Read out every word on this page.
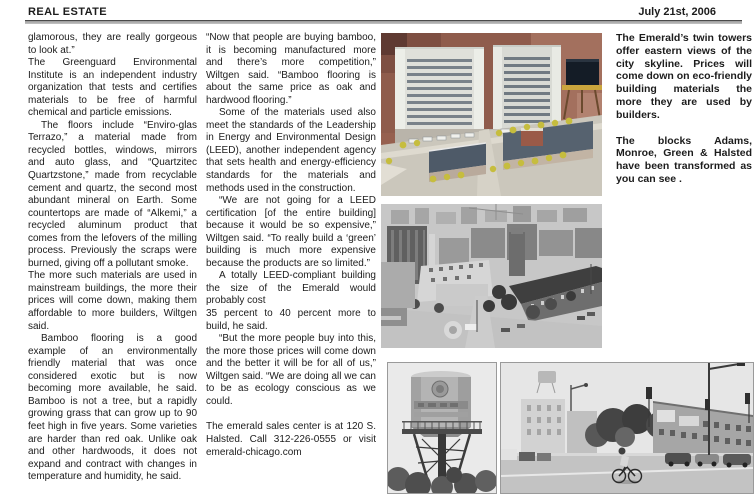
REAL ESTATE	July 21st, 2006

glamorous, they are really gorgeous to look at.”

The Greenguard Environmental Institute is an independent industry organization that tests and certifies materials to be free of harmful chemical and particle emissions.

The floors include “Enviro-glas Terrazo,” a material made from recycled bottles, windows, mirrors and auto glass, and “Quartzitec Quartzstone,” made from recyclable cement and quartz, the second most abundant mineral on Earth. Some countertops are made of “Alkemi,” a recycled aluminum product that comes from the lefovers of the milling process. Previously the scraps were burned, giving off a pollutant smoke.

The more such materials are used in mainstream buildings, the more their prices will come down, making them affordable to more builders, Wiltgen said.

Bamboo flooring is a good example of an environmentally friendly material that was once considered exotic but is now becoming more available, he said. Bamboo is not a tree, but a rapidly growing grass that can grow up to 90 feet high in five years. Some varieties are harder than red oak. Unlike oak and other hardwoods, it does not expand and contract with changes in temperature and humidity, he said.

“Now that people are buying bamboo, it is becoming manufactured more and there’s more competition,” Wiltgen said. “Bamboo flooring is about the same price as oak and hardwood flooring.”

Some of the materials used also meet the standards of the Leadership in Energy and Environmental Design (LEED), another independent agency that sets health and energy-efficiency standards for the materials and methods used in the construction.

“We are not going for a LEED certification [of the entire building] because it would be so expensive,” Wiltgen said. “To really build a ‘green’ building is much more expensive because the products are so limited.”

A totally LEED-compliant building the size of the Emerald would probably cost

35 percent to 40 percent more to build, he said.

“But the more people buy into this, the more those prices will come down and the better it will be for all of us,” Wiltgen said. “We are doing all we can to be as ecology conscious as we could.

The emerald sales center is at 120 S. Halsted. Call 312-226-0555 or visit emerald-chicago.com

The Emerald’s twin towers offer eastern views of the city skyline. Prices will come down on eco-friendly building materials the more they are used by builders.

The blocks Adams, Monroe, Green & Halsted have been transformed as you can see .
